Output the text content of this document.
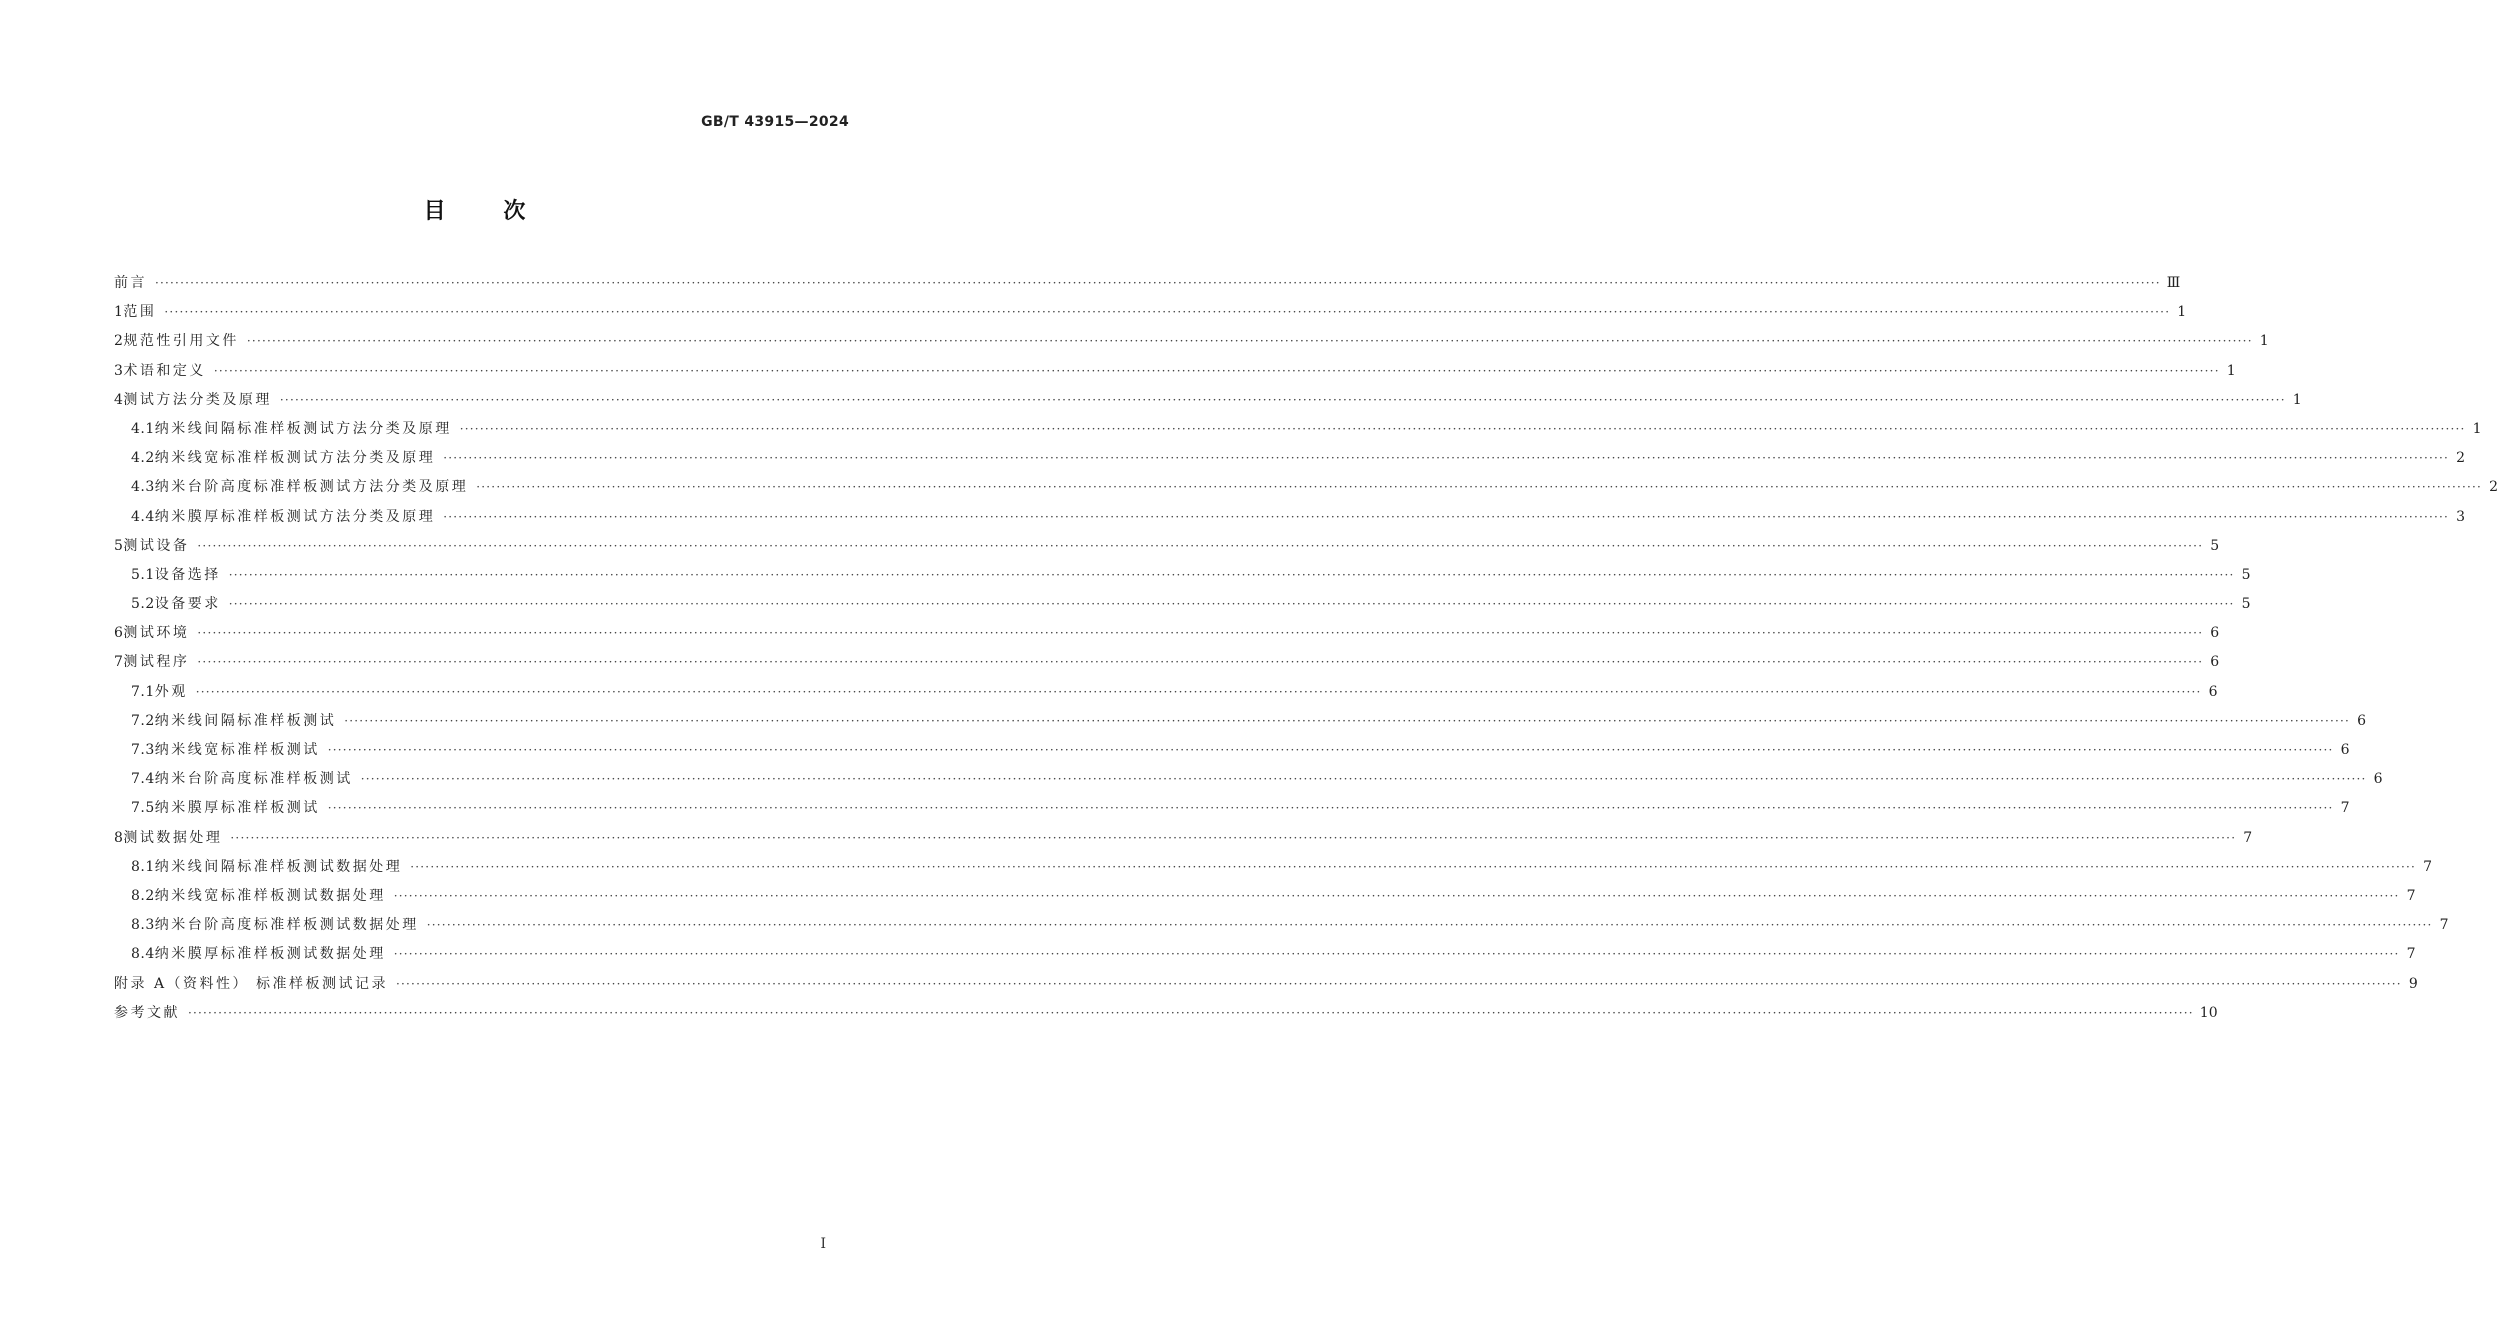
GB/T 43915—2024
目 次
前言 ················································································································································································································································································································································································································ Ⅲ
1 范围 ················································································································································································································································································································································································································ 1
2 规范性引用文件 ················································································································································································································································································································································································································ 1
3 术语和定义 ················································································································································································································································································································································································································ 1
4 测试方法分类及原理 ················································································································································································································································································································································································································ 1
4.1 纳米线间隔标准样板测试方法分类及原理 ················································································································································································································································································································································································································ 1
4.2 纳米线宽标准样板测试方法分类及原理 ················································································································································································································································································································································································································ 2
4.3 纳米台阶高度标准样板测试方法分类及原理 ················································································································································································································································································································································································································ 2
4.4 纳米膜厚标准样板测试方法分类及原理 ················································································································································································································································································································································································································ 3
5 测试设备 ················································································································································································································································································································································································································ 5
5.1 设备选择 ················································································································································································································································································································································································································ 5
5.2 设备要求 ················································································································································································································································································································································································································ 5
6 测试环境 ················································································································································································································································································································································································································ 6
7 测试程序 ················································································································································································································································································································································································································ 6
7.1 外观 ················································································································································································································································································································································································································ 6
7.2 纳米线间隔标准样板测试 ················································································································································································································································································································································································································ 6
7.3 纳米线宽标准样板测试 ················································································································································································································································································································································································································ 6
7.4 纳米台阶高度标准样板测试 ················································································································································································································································································································································································································ 6
7.5 纳米膜厚标准样板测试 ················································································································································································································································································································································································································ 7
8 测试数据处理 ················································································································································································································································································································································································································ 7
8.1 纳米线间隔标准样板测试数据处理 ················································································································································································································································································································································································································ 7
8.2 纳米线宽标准样板测试数据处理 ················································································································································································································································································································································································································ 7
8.3 纳米台阶高度标准样板测试数据处理 ················································································································································································································································································································································································································ 7
8.4 纳米膜厚标准样板测试数据处理 ················································································································································································································································································································································································································ 7
附录 A（资料性） 标准样板测试记录 ················································································································································································································································································································································································································ 9
参考文献 ················································································································································································································································································································································································································ 10
Ⅰ
